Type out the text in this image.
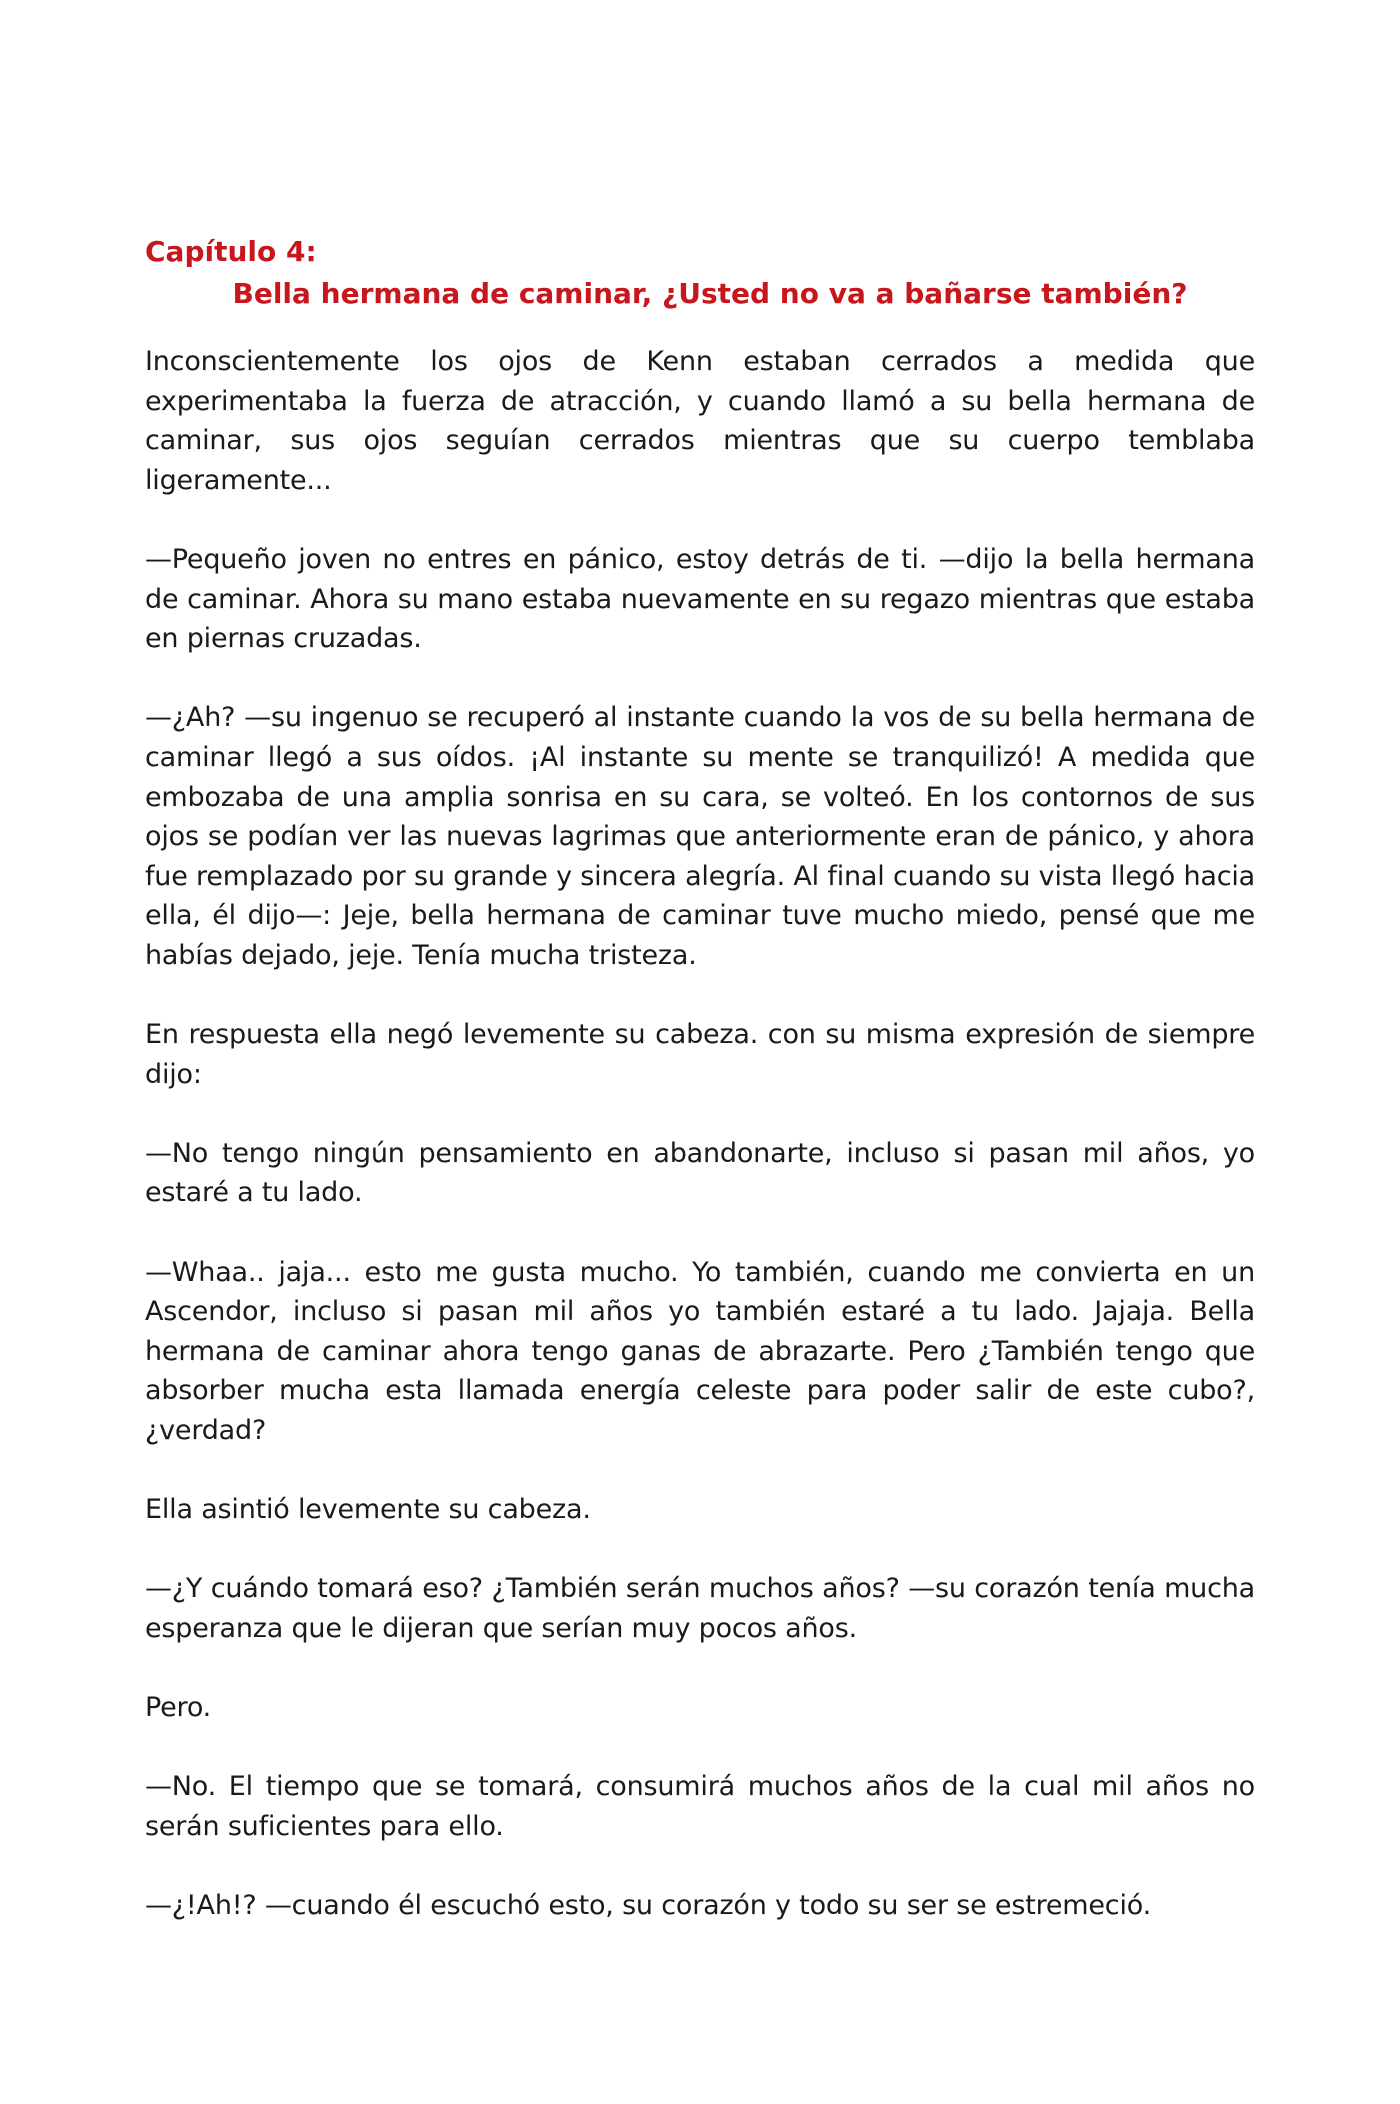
Capítulo 4:

Bella hermana de caminar, ¿Usted no va a bañarse también?

Inconscientemente los ojos de Kenn estaban cerrados a medida que experimentaba la fuerza de atracción, y cuando llamó a su bella hermana de caminar, sus ojos seguían cerrados mientras que su cuerpo temblaba ligeramente...

—Pequeño joven no entres en pánico, estoy detrás de ti. —dijo la bella hermana de caminar. Ahora su mano estaba nuevamente en su regazo mientras que estaba en piernas cruzadas.

—¿Ah? —su ingenuo se recuperó al instante cuando la vos de su bella hermana de caminar llegó a sus oídos. ¡Al instante su mente se tranquilizó! A medida que embozaba de una amplia sonrisa en su cara, se volteó. En los contornos de sus ojos se podían ver las nuevas lagrimas que anteriormente eran de pánico, y ahora fue remplazado por su grande y sincera alegría. Al final cuando su vista llegó hacia ella, él dijo—: Jeje, bella hermana de caminar tuve mucho miedo, pensé que me habías dejado, jeje. Tenía mucha tristeza.

En respuesta ella negó levemente su cabeza. con su misma expresión de siempre dijo:

—No tengo ningún pensamiento en abandonarte, incluso si pasan mil años, yo estaré a tu lado.

—Whaa.. jaja... esto me gusta mucho. Yo también, cuando me convierta en un Ascendor, incluso si pasan mil años yo también estaré a tu lado. Jajaja. Bella hermana de caminar ahora tengo ganas de abrazarte. Pero ¿También tengo que absorber mucha esta llamada energía celeste para poder salir de este cubo?, ¿verdad?

Ella asintió levemente su cabeza.

—¿Y cuándo tomará eso? ¿También serán muchos años? —su corazón tenía mucha esperanza que le dijeran que serían muy pocos años.

Pero.

—No. El tiempo que se tomará, consumirá muchos años de la cual mil años no serán suficientes para ello.

—¿!Ah!? —cuando él escuchó esto, su corazón y todo su ser se estremeció.
